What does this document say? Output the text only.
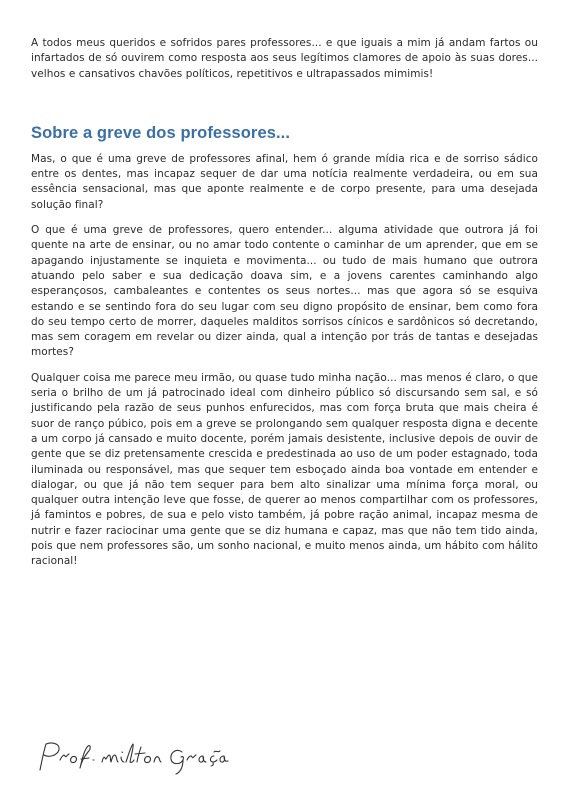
A todos meus queridos e sofridos pares professores... e que iguais a mim já andam fartos ou infartados de só ouvirem como resposta aos seus legítimos clamores de apoio às suas dores... velhos e cansativos chavões políticos, repetitivos e ultrapassados mimimis!

Sobre a greve dos professores...

Mas, o que é uma greve de professores afinal, hem ó grande mídia rica e de sorriso sádico entre os dentes, mas incapaz sequer de dar uma notícia realmente verdadeira, ou em sua essência sensacional, mas que aponte realmente e de corpo presente, para uma desejada solução final?

O que é uma greve de professores, quero entender... alguma atividade que outrora já foi quente na arte de ensinar, ou no amar todo contente o caminhar de um aprender, que em se apagando injustamente se inquieta e movimenta... ou tudo de mais humano que outrora atuando pelo saber e sua dedicação doava sim, e a jovens carentes caminhando algo esperançosos, cambaleantes e contentes os seus nortes... mas que agora só se esquiva estando e se sentindo fora do seu lugar com seu digno propósito de ensinar, bem como fora do seu tempo certo de morrer, daqueles malditos sorrisos cínicos e sardônicos só decretando, mas sem coragem em revelar ou dizer ainda, qual a intenção por trás de tantas e desejadas mortes?

Qualquer coisa me parece meu irmão, ou quase tudo minha nação... mas menos é claro, o que seria o brilho de um já patrocinado ideal com dinheiro público só discursando sem sal, e só justificando pela razão de seus punhos enfurecidos, mas com força bruta que mais cheira é suor de ranço púbico, pois em a greve se prolongando sem qualquer resposta digna e decente a um corpo já cansado e muito docente, porém jamais desistente, inclusive depois de ouvir de gente que se diz pretensamente crescida e predestinada ao uso de um poder estagnado, toda iluminada ou responsável, mas que sequer tem esboçado ainda boa vontade em entender e dialogar, ou que já não tem sequer para bem alto sinalizar uma mínima força moral, ou qualquer outra intenção leve que fosse, de querer ao menos compartilhar com os professores, já famintos e pobres, de sua e pelo visto também, já pobre ração animal, incapaz mesma de nutrir e fazer raciocinar uma gente que se diz humana e capaz, mas que não tem tido ainda, pois que nem professores são, um sonho nacional, e muito menos ainda, um hábito com hálito racional!
